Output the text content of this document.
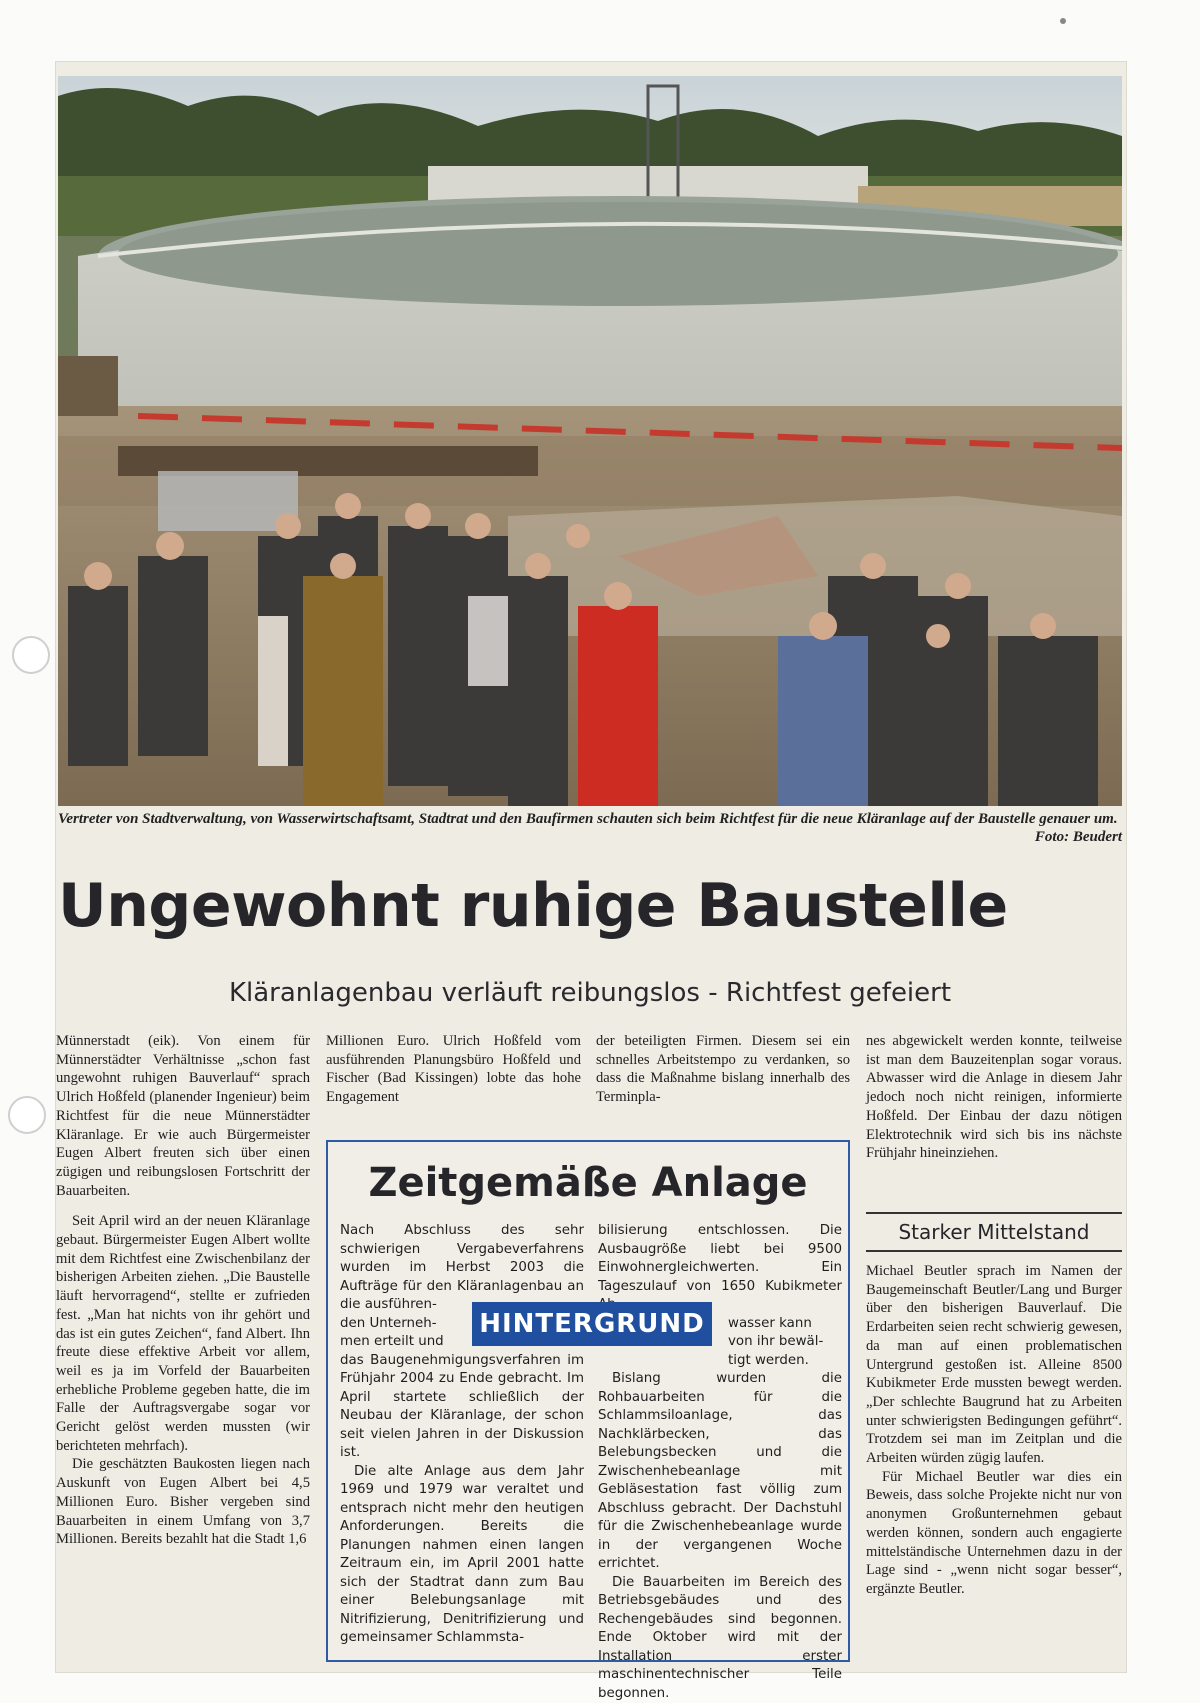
Vertreter von Stadtverwaltung, von Wasserwirtschaftsamt, Stadtrat und den Baufirmen schauten sich beim Richtfest für die neue Kläranlage auf der Baustelle genauer um.
Foto: Beudert
Ungewohnt ruhige Baustelle
Kläranlagenbau verläuft reibungslos - Richtfest gefeiert

Münnerstadt (eik). Von einem für Münnerstädter Verhältnisse „schon fast ungewohnt ruhigen Bauverlauf“ sprach Ulrich Hoßfeld (planender Ingenieur) beim Richtfest für die neue Münnerstädter Kläranlage. Er wie auch Bürgermeister Eugen Albert freuten sich über einen zügigen und reibungslosen Fortschritt der Bauarbeiten.

Seit April wird an der neuen Kläranlage gebaut. Bürgermeister Eugen Albert wollte mit dem Richtfest eine Zwischenbilanz der bisherigen Arbeiten ziehen. „Die Baustelle läuft hervorragend“, stellte er zufrieden fest. „Man hat nichts von ihr gehört und das ist ein gutes Zeichen“, fand Albert. Ihn freute diese effektive Arbeit vor allem, weil es ja im Vorfeld der Bauarbeiten erhebliche Probleme gegeben hatte, die im Falle der Auftragsvergabe sogar vor Gericht gelöst werden mussten (wir berichteten mehrfach).

Die geschätzten Baukosten liegen nach Auskunft von Eugen Albert bei 4,5 Millionen Euro. Bisher vergeben sind Bauarbeiten in einem Umfang von 3,7 Millionen. Bereits bezahlt hat die Stadt 1,6

Millionen Euro. Ulrich Hoßfeld vom ausführenden Planungsbüro Hoßfeld und Fischer (Bad Kissingen) lobte das hohe Engagement

der beteiligten Firmen. Diesem sei ein schnelles Arbeitstempo zu verdanken, so dass die Maßnahme bislang innerhalb des Terminpla-

Zeitgemäße Anlage

Nach Abschluss des sehr schwierigen Vergabeverfahrens wurden im Herbst 2003 die Aufträge für den Kläranlagenbau an die ausführen-
den Unterneh-
men erteilt und
das Baugenehmigungsverfahren im Frühjahr 2004 zu Ende gebracht. Im April startete schließlich der Neubau der Kläranlage, der schon seit vielen Jahren in der Diskussion ist.

Die alte Anlage aus dem Jahr 1969 und 1979 war veraltet und entsprach nicht mehr den heutigen Anforderungen. Bereits die Planungen nahmen einen langen Zeitraum ein, im April 2001 hatte sich der Stadtrat dann zum Bau einer Belebungsanlage mit Nitrifizierung, Denitrifizierung und gemeinsamer Schlammsta-

bilisierung entschlossen. Die Ausbaugröße liebt bei 9500 Einwohnergleichwerten. Ein Tageszulauf von 1650 Kubikmeter
wasser kann
von ihr bewäl-
tigt werden.

Bislang wurden die Rohbauarbeiten für die Schlammsiloanlage, das Nachklärbecken, das Belebungsbecken und die Zwischenhebeanlage mit Gebläsestation fast völlig zum Abschluss gebracht. Der Dachstuhl für die Zwischenhebeanlage wurde in der vergangenen Woche errichtet.

Die Bauarbeiten im Bereich des Betriebsgebäudes und des Rechengebäudes sind begonnen. Ende Oktober wird mit der Installation erster maschinentechnischer Teile begonnen.

HINTERGRUND

nes abgewickelt werden konnte, teilweise ist man dem Bauzeitenplan sogar voraus. Abwasser wird die Anlage in diesem Jahr jedoch noch nicht reinigen, informierte Hoßfeld. Der Einbau der dazu nötigen Elektrotechnik wird sich bis ins nächste Frühjahr hineinziehen.

Starker Mittelstand

Michael Beutler sprach im Namen der Baugemeinschaft Beutler/Lang und Burger über den bisherigen Bauverlauf. Die Erdarbeiten seien recht schwierig gewesen, da man auf einen problematischen Untergrund gestoßen ist. Alleine 8500 Kubikmeter Erde mussten bewegt werden. „Der schlechte Baugrund hat zu Arbeiten unter schwierigsten Bedingungen geführt“. Trotzdem sei man im Zeitplan und die Arbeiten würden zügig laufen.

Für Michael Beutler war dies ein Beweis, dass solche Projekte nicht nur von anonymen Großunternehmen gebaut werden können, sondern auch engagierte mittelständische Unternehmen dazu in der Lage sind - „wenn nicht sogar besser“, ergänzte Beutler.
